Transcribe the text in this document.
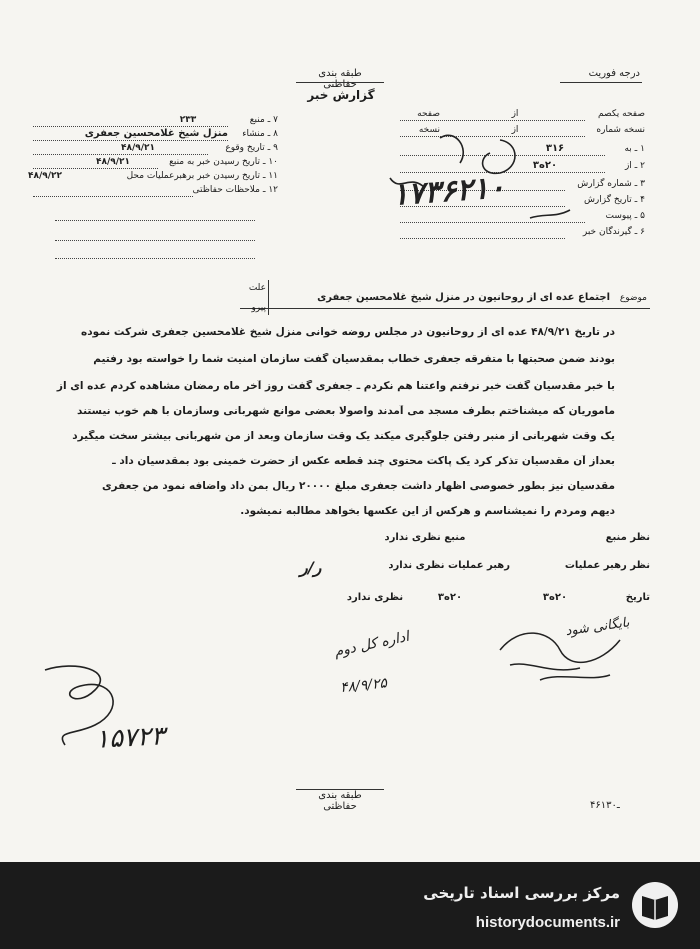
طبقه بندی حفاظتی
گزارش خبر
درجه فوریت
۷ ـ منبع
۲۳۳
۸ ـ منشاء
منزل شیخ غلامحسین جعفری
۹ ـ تاریخ وقوع
۴۸/۹/۲۱
۱۰ ـ تاریخ رسیدن خبر به منبع
۴۸/۹/۲۱
۱۱ ـ تاریخ رسیدن خبر برهبرعملیات محل
۴۸/۹/۲۲
۱۲ ـ ملاحظات حفاظتی
صفحه یکصم
از
صفحه
نسخه شماره
از
نسخه
۱ ـ به
۳۱۶
۲ ـ از
۲۰ه۳
۳ ـ شماره گزارش
۴ ـ تاریخ گزارش
۵ ـ پیوست
۶ ـ گیرندگان خبر
۱۷۳۶۲۱۰
موضوع
اجتماع عده ای از روحانیون در منزل شیخ غلامحسین جعفری
علت
پیرو
در تاریخ ۴۸/۹/۲۱ عده ای از روحانیون در مجلس روضه خوانی منزل شیخ غلامحسین جعفری شرکت نموده
بودند ضمن صحبتها با متفرقه جعفری خطاب بمقدسیان گفت سازمان امنیت شما را خواسته بود رفتیم
با خبر مقدسیان گفت خبر نرفتم واعتنا هم نکردم ـ جعفری گفت روز آخر ماه رمضان مشاهده کردم عده ای از
ماموریان که میشناختم بطرف مسجد می آمدند واصولا بعضی موانع شهربانی وسازمان با هم خوب نیستند
یک وقت شهربانی از منبر رفتن جلوگیری میکند یک وقت سازمان وبعد از من شهربانی بیشتر سخت میگیرد
بعداز آن مقدسیان تذکر کرد یک پاکت محتوی چند قطعه عکس از حضرت خمینی بود بمقدسیان داد ـ
مقدسیان نیز بطور خصوصی اظهار داشت جعفری مبلغ ۲۰۰۰۰ ریال بمن داد واضافه نمود من جعفری
دیهم ومردم را نمیشناسم و هرکس از این عکسها بخواهد مطالبه نمیشود.
نظر منبع
منبع نظری ندارد
نظر رهبر عملیات
رهبر عملیات نظری ندارد
ﺭ/ﺭ
تاریخ
۲۰ه۳
۲۰ه۳
نظری ندارد
اداره کل دوم
۴۸/۹/۲۵
بایگانی شود
۱۵۷۲۳
طبقه بندی حفاظتی	۴۶ـ۱۳۰
مرکز بررسی اسناد تاریخی
historydocuments.ir
